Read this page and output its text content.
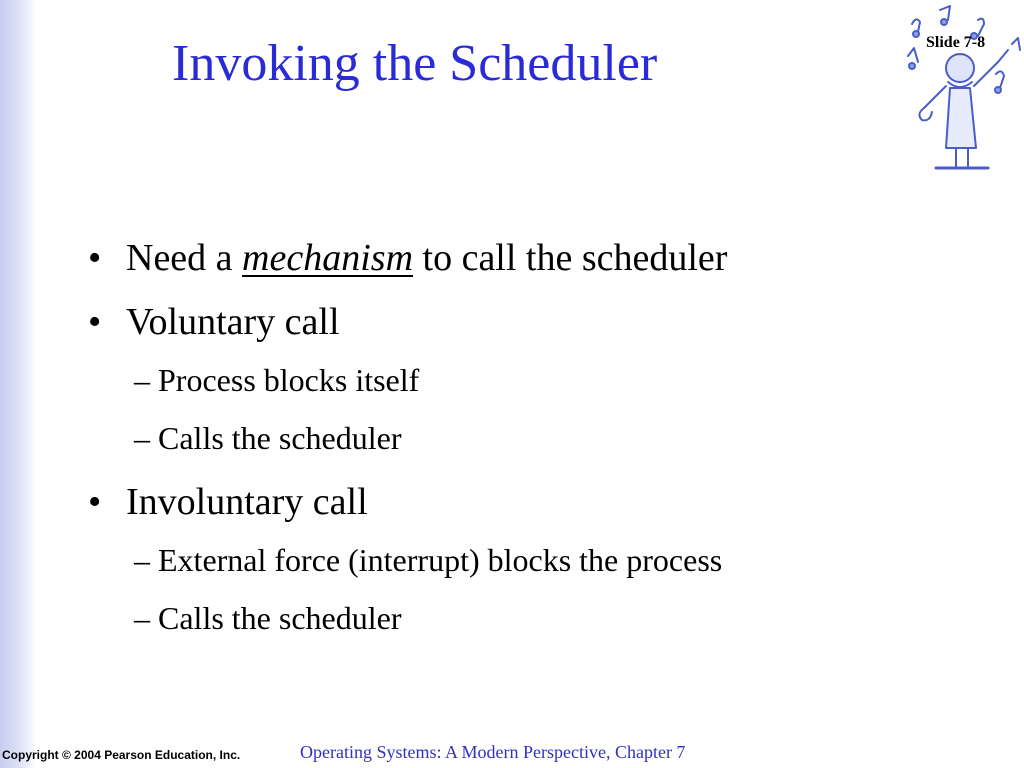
Invoking the Scheduler	Slide 7-8
• Need a mechanism to call the scheduler
• Voluntary call
– Process blocks itself
– Calls the scheduler
• Involuntary call
– External force (interrupt) blocks the process
– Calls the scheduler
Copyright © 2004 Pearson Education, Inc.	Operating Systems: A Modern Perspective, Chapter 7
